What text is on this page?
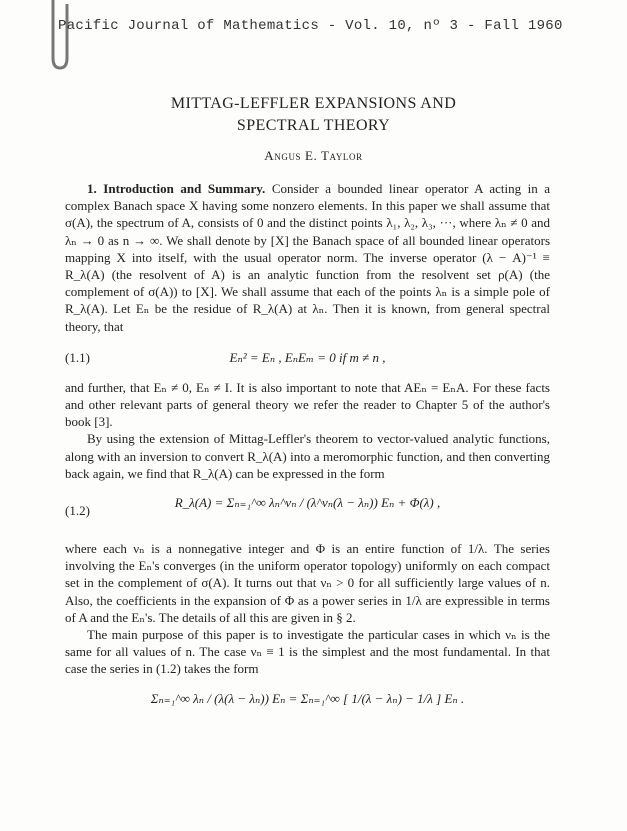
Pacific Journal of Mathematics - Vol. 10, nº 3 - Fall 1960
MITTAG-LEFFLER EXPANSIONS AND
SPECTRAL THEORY
Angus E. Taylor

1. Introduction and Summary. Consider a bounded linear operator A acting in a complex Banach space X having some nonzero elements. In this paper we shall assume that σ(A), the spectrum of A, consists of 0 and the distinct points λ₁, λ₂, λ₃, ···, where λₙ ≠ 0 and λₙ → 0 as n → ∞. We shall denote by [X] the Banach space of all bounded linear operators mapping X into itself, with the usual operator norm. The inverse operator (λ − A)⁻¹ ≡ R_λ(A) (the resolvent of A) is an analytic function from the resolvent set ρ(A) (the complement of σ(A)) to [X]. We shall assume that each of the points λₙ is a simple pole of R_λ(A). Let Eₙ be the residue of R_λ(A) at λₙ. Then it is known, from general spectral theory, that

(1.1)	Eₙ² = Eₙ , EₙEₘ = 0 if m ≠ n ,

and further, that Eₙ ≠ 0, Eₙ ≠ I. It is also important to note that AEₙ = EₙA. For these facts and other relevant parts of general theory we refer the reader to Chapter 5 of the author's book [3].

By using the extension of Mittag-Leffler's theorem to vector-valued analytic functions, along with an inversion to convert R_λ(A) into a meromorphic function, and then converting back again, we find that R_λ(A) can be expressed in the form

(1.2)
R_λ(A) = Σₙ₌₁^∞ λₙ^νₙ / (λ^νₙ(λ − λₙ)) Eₙ + Φ(λ) ,

where each νₙ is a nonnegative integer and Φ is an entire function of 1/λ. The series involving the Eₙ's converges (in the uniform operator topology) uniformly on each compact set in the complement of σ(A). It turns out that νₙ > 0 for all sufficiently large values of n. Also, the coefficients in the expansion of Φ as a power series in 1/λ are expressible in terms of A and the Eₙ's. The details of all this are given in § 2.

The main purpose of this paper is to investigate the particular cases in which νₙ is the same for all values of n. The case νₙ ≡ 1 is the simplest and the most fundamental. In that case the series in (1.2) takes the form

Σₙ₌₁^∞ λₙ / (λ(λ − λₙ)) Eₙ = Σₙ₌₁^∞ [ 1/(λ − λₙ) − 1/λ ] Eₙ .
